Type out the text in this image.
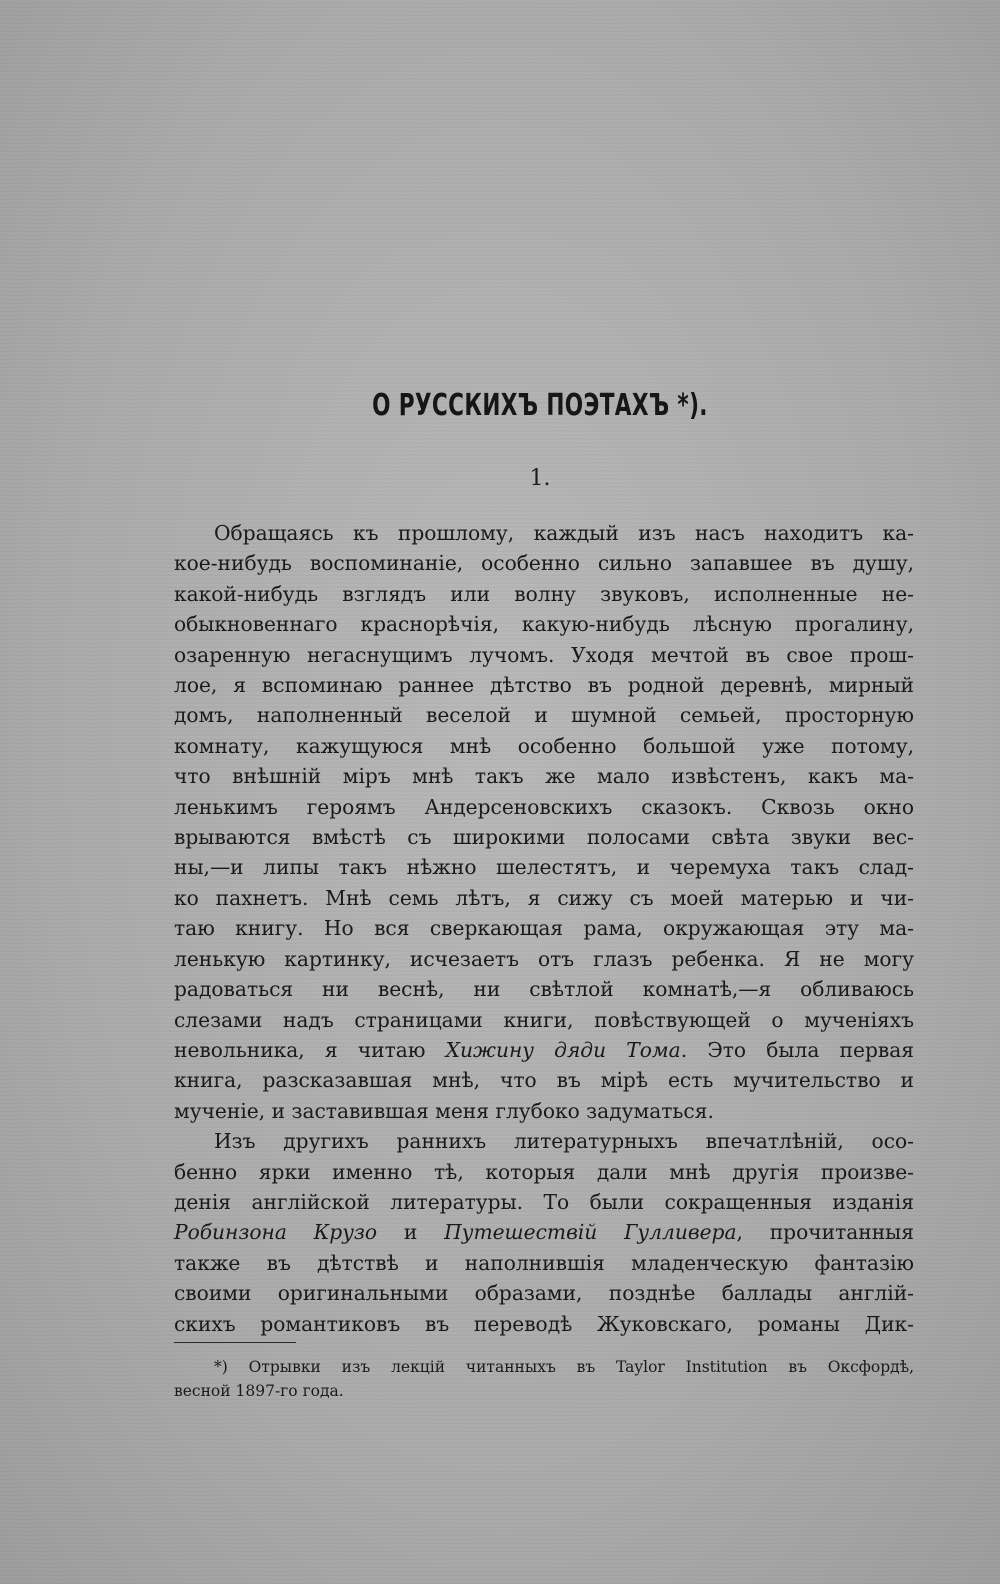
О РУССКИХЪ ПОЭТАХЪ *).
1.
Обращаясь къ прошлому, каждый изъ насъ находитъ ка-
кое-нибудь воспоминаніе, особенно сильно запавшее въ душу,
какой-нибудь взглядъ или волну звуковъ, исполненные не-
обыкновеннаго краснорѣчія, какую-нибудь лѣсную прогалину,
озаренную негаснущимъ лучомъ. Уходя мечтой въ свое прош-
лое, я вспоминаю раннее дѣтство въ родной деревнѣ, мирный
домъ, наполненный веселой и шумной семьей, просторную
комнату, кажущуюся мнѣ особенно большой уже потому,
что внѣшній міръ мнѣ такъ же мало извѣстенъ, какъ ма-
ленькимъ героямъ Андерсеновскихъ сказокъ. Сквозь окно
врываются вмѣстѣ съ широкими полосами свѣта звуки вес-
ны,—и липы такъ нѣжно шелестятъ, и черемуха такъ слад-
ко пахнетъ. Мнѣ семь лѣтъ, я сижу съ моей матерью и чи-
таю книгу. Но вся сверкающая рама, окружающая эту ма-
ленькую картинку, исчезаетъ отъ глазъ ребенка. Я не могу
радоваться ни веснѣ, ни свѣтлой комнатѣ,—я обливаюсь
слезами надъ страницами книги, повѣствующей о мученіяхъ
невольника, я читаю Хижину дяди Тома. Это была первая
книга, разсказавшая мнѣ, что въ мірѣ есть мучительство и
мученіе, и заставившая меня глубоко задуматься.
Изъ другихъ раннихъ литературныхъ впечатлѣній, осо-
бенно ярки именно тѣ, которыя дали мнѣ другія произве-
денія англійской литературы. То были сокращенныя изданія
Робинзона Крузо и Путешествій Гулливера, прочитанныя
также въ дѣтствѣ и наполнившія младенческую фантазію
своими оригинальными образами, позднѣе баллады англій-
скихъ романтиковъ въ переводѣ Жуковскаго, романы Дик-
*) Отрывки изъ лекцій читанныхъ въ Taylor Institution въ Оксфордѣ,
весной 1897-го года.
